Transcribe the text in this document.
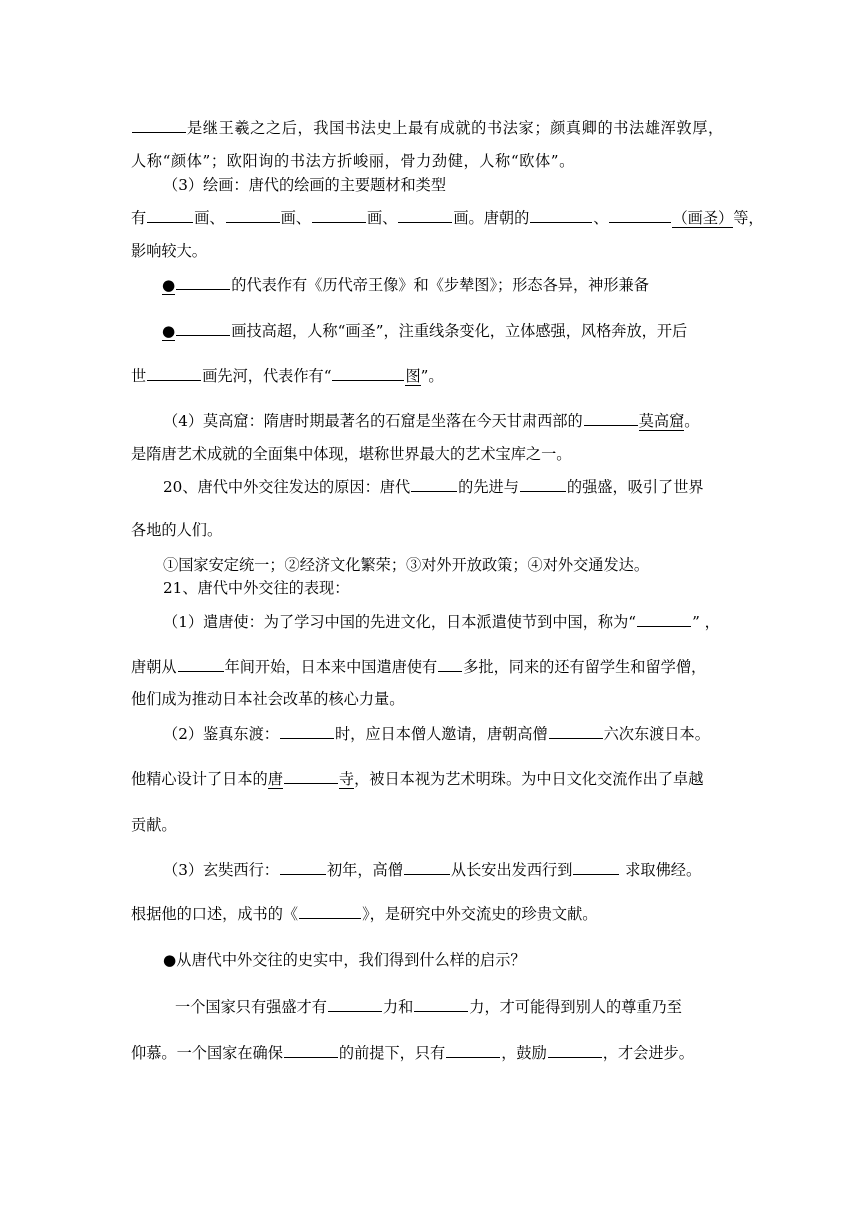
是继王羲之之后，我国书法史上最有成就的书法家；颜真卿的书法雄浑敦厚，
人称“颜体”；欧阳询的书法方折峻丽，骨力劲健，人称“欧体”。
（3）绘画：唐代的绘画的主要题材和类型
有	画、	画、	画、	画。唐朝的	、	（画圣）等，
影响较大。
●	的代表作有《历代帝王像》和《步辇图》；形态各异，神形兼备
●	画技高超，人称“画圣”，注重线条变化，立体感强，风格奔放，开后
世	画先河，代表作有“	图”。
（4）莫高窟：隋唐时期最著名的石窟是坐落在今天甘肃西部的	莫高窟。
是隋唐艺术成就的全面集中体现，堪称世界最大的艺术宝库之一。
20、唐代中外交往发达的原因：唐代	的先进与	的强盛，吸引了世界
各地的人们。
①国家安定统一；②经济文化繁荣；③对外开放政策；④对外交通发达。
21、唐代中外交往的表现：
（1）遣唐使：为了学习中国的先进文化，日本派遣使节到中国，称为“	” ，
唐朝从	年间开始，日本来中国遣唐使有 多批，同来的还有留学生和留学僧，
他们成为推动日本社会改革的核心力量。
（2）鉴真东渡：	时，应日本僧人邀请，唐朝高僧	六次东渡日本。
他精心设计了日本的唐	寺，被日本视为艺术明珠。为中日文化交流作出了卓越
贡献。
（3）玄奘西行：	初年，高僧	从长安出发西行到	求取佛经。
根据他的口述，成书的《	》，是研究中外交流史的珍贵文献。
●从唐代中外交往的史实中，我们得到什么样的启示？
一个国家只有强盛才有	力和	力，才可能得到别人的尊重乃至
仰慕。一个国家在确保	的前提下，只有	，鼓励	，才会进步。
